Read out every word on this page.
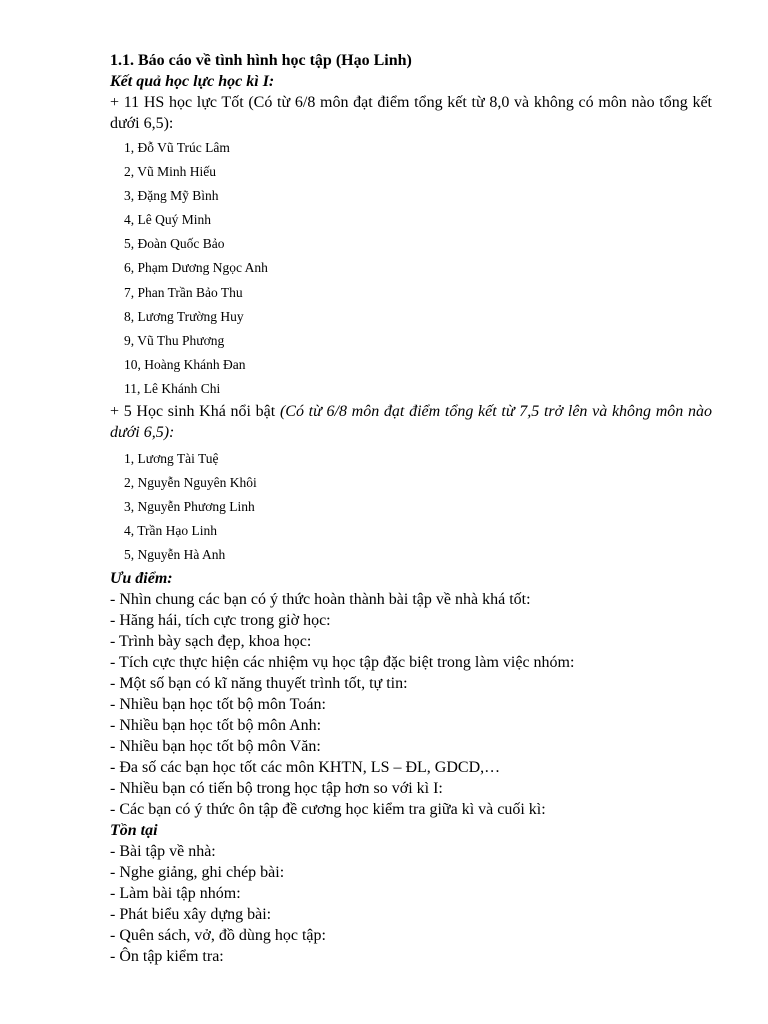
1.1. Báo cáo về tình hình học tập (Hạo Linh)

Kết quả học lực học kì I:

+ 11 HS học lực Tốt (Có từ 6/8 môn đạt điểm tổng kết từ 8,0 và không có môn nào tổng kết dưới 6,5):

1, Đỗ Vũ Trúc Lâm
2, Vũ Minh Hiếu
3, Đặng Mỹ Bình
4, Lê Quý Minh
5, Đoàn Quốc Bảo
6, Phạm Dương Ngọc Anh
7, Phan Trần Bảo Thu
8, Lương Trường Huy
9, Vũ Thu Phương
10, Hoàng Khánh Đan
11, Lê Khánh Chi

+ 5 Học sinh Khá nổi bật (Có từ 6/8 môn đạt điểm tổng kết từ 7,5 trở lên và không môn nào dưới 6,5):

1, Lương Tài Tuệ
2, Nguyễn Nguyên Khôi
3, Nguyễn Phương Linh
4, Trần Hạo Linh
5, Nguyễn Hà Anh

Ưu điểm:

- Nhìn chung các bạn có ý thức hoàn thành bài tập về nhà khá tốt:

- Hăng hái, tích cực trong giờ học:

- Trình bày sạch đẹp, khoa học:

- Tích cực thực hiện các nhiệm vụ học tập đặc biệt trong làm việc nhóm:

- Một số bạn có kĩ năng thuyết trình tốt, tự tin:

- Nhiều bạn học tốt bộ môn Toán:

- Nhiều bạn học tốt bộ môn Anh:

- Nhiều bạn học tốt bộ môn Văn:

- Đa số các bạn học tốt các môn KHTN, LS – ĐL, GDCD,…

- Nhiều bạn có tiến bộ trong học tập hơn so với kì I:

- Các bạn có ý thức ôn tập đề cương học kiểm tra giữa kì và cuối kì:

Tồn tại

- Bài tập về nhà:

- Nghe giảng, ghi chép bài:

- Làm bài tập nhóm:

- Phát biểu xây dựng bài:

- Quên sách, vở, đồ dùng học tập:

- Ôn tập kiểm tra:
